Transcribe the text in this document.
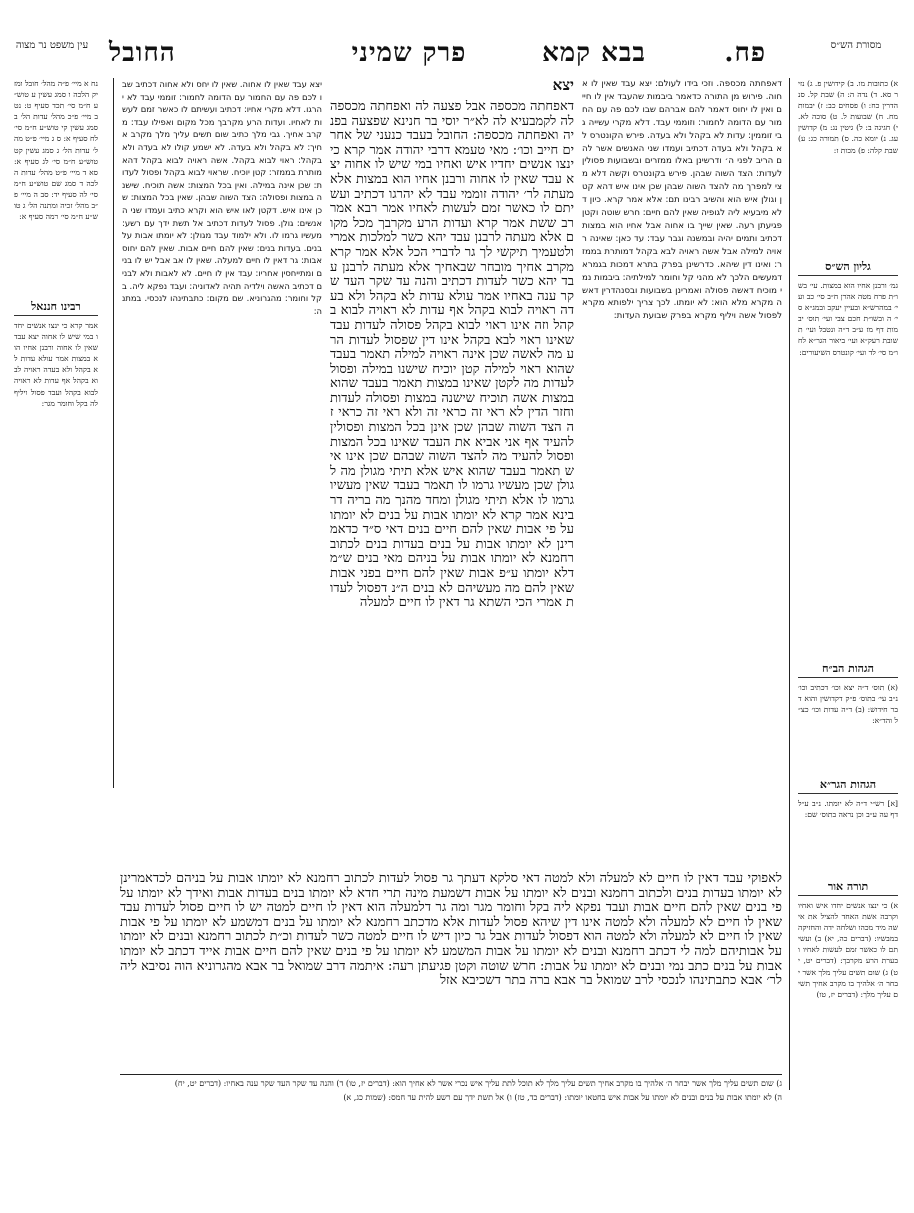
מסורת הש״ס
החובל	פרק שמיני	בבא קמא	פח.
עין משפט נר מצוה
א) כתובות מו. ב) קידושין פ. ג) נזיר סא. ד) נדה ה: ה) שבת קל. סנהדרין כח: ו) פסחים כב: ז) יבמות מח. ח) שבועות ל. ט) סוכה לא. י) חגיגה ב: ל) גיטין נג: מ) קדושין עג. נ) יומא כה. ס) תמורה כג: ע) שבת קלה: פ) מכות ז:
גליון הש״ס
גמ׳ ורבנן אחיו הוא במצות. עי׳ בשו״ת פרח מטה אהרן ח״ב סי׳ כב ועי׳ במהרש״א ובעיין יעקב ובמג״א סי׳ ה ובשו״ת חכם צבי ועי׳ תוס׳ יבמות דף מז ע״ב ד״ה ונטבל ועי׳ תשובת רעק״א ועי׳ ביאור הגר״א לחו״מ סי׳ לד ועי׳ קונטרס השיעורים:
הגהות הב״ח
(א) תוס׳ ד״ה יצא וכו׳ דכתיב וכו׳ נ״ב עי׳ בתוס׳ פ״ק דקדושין והוא דבר חידוש: (ב) ד״ה עדות וכו׳ כצ״ל והד״א:
הגהות הגר״א
[א] רש״י ד״ה לא יומתו. נ״ב ע״ל דף עה ע״ב וכן נראה בתוס׳ שם:
תורה אור
א) כי ינצו אנשים יחדו איש ואחיו וקרבה אשת האחד להציל את אישה מיד מכהו ושלחה ידה והחזיקה במבשיו: (דברים כה, יא) ב) ועשיתם לו כאשר זמם לעשות לאחיו ובערת הרע מקרבך: (דברים יט, יט) ג) שום תשים עליך מלך אשר יבחר ה׳ אלהיך בו מקרב אחיך תשים עליך מלך: (דברים יז, טו)
דאפחתה מכספה. וזכי בידו לעולם: יצא עבד שאין לו אחוה. פירוש מן התורה כדאמר ביבמות שהעבד אין לו חיים ואין לו יחוס דאמר להם אברהם שבו לכם פה עם החמור עם הדומה לחמור: וזוממי עבד. דלא מקרי עשייה גבי זוממין: עדות לא בקהל ולא בעדה. פירש הקונטרס לא בקהל ולא בעדה דכתיב ועמדו שני האנשים אשר להם הריב לפני ה׳ ודרשינן באלו ממזרים ובשבועות פסולין לעדות: הצד השוה שבהן. פירש בקונטרס וקשה דלא מצי למפרך מה להצד השוה שבהן שכן אינו איש דהא קטן וגולן איש הוא והשיב רבינו תם: אלא אמר קרא. כיון דלא מיבעיא ליה לגופיה שאין להם חיים: חרש שוטה וקטן פגיעתן רעה. שאין שייך בו אחוה אבל אחיו הוא במצות דכתיב ותמים יהיה ובמשנה וגבר עבד: עד כאן: שאינה ראויה למילה אבל אשה ראויה לבא בקהל דמותרת בממזר: ואינו דין שיהא. כדרשינן בפרק בתרא דמכות בגמרא דמעשים הלכך לא מהני קל וחומר למילתיה: ביבמות נמי מוכיח דאשה פסולה ואמרינן בשבועות ובסנהדרין דאשה מקרא מלא הוא: לא יומתו. לכך צריך ילפותא מקרא לפסול אשה ויליף מקרא בפרק שבועת העדות:
יצא
דאפחתה מכספה אבל פצעה לה ואפחתה מכספה לה לקמבעיא לה לא״ר יוסי בר חנינא שפצעה בפניה ואפחתה מכספה: החובל בעבד כנעני של אחרים חייב וכו׳: מאי טעמא דרבי יהודה אמר קרא כי ינצו אנשים יחדיו איש ואחיו במי שיש לו אחוה יצא עבד שאין לו אחוה ורבנן אחיו הוא במצות אלא מעתה לר׳ יהודה זוממי עבד לא יהרגו דכתיב ועשיתם לו כאשר זמם לעשות לאחיו אמר רבא אמר רב ששת אמר קרא ועדות הרע מקרבך מכל מקום אלא מעתה לרבנן עבד יהא כשר למלכות אמרי ולטעמיך תיקשי לך גר לדברי הכל אלא אמר קרא מקרב אחיך מובחר שבאחיך אלא מעתה לרבנן עבד יהא כשר לעדות דכתיב והנה עד שקר העד שקר ענה באחיו אמר עולא עדות לא בקהל ולא בעדה ראויה לבוא בקהל אף עדות לא ראויה לבוא בקהל וזה אינו ראוי לבוא בקהל פסולה לעדות עבד שאינו ראוי לבא בקהל אינו דין שפסול לעדות הרע מה לאשה שכן אינה ראויה למילה תאמר בעבד שהוא ראוי למילה קטן יוכיח שישנו במילה ופסול לעדות מה לקטן שאינו במצות תאמר בעבד שהוא במצות אשה תוכיח שישנה במצות ופסולה לעדות וחזר הדין לא ראי זה כראי זה ולא ראי זה כראי זה הצד השוה שבהן שכן אינן בכל המצות ופסולין להעיד אף אני אביא את העבד שאינו בכל המצות ופסול להעיד מה להצד השוה שבהם שכן אינו איש תאמר בעבד שהוא איש אלא תיתי מגולן מה לגולן שכן מעשיו גרמו לו תאמר בעבד שאין מעשיו גרמו לו אלא תיתי מגולן ומחד מהנך מה בריה דרבינא אמר קרא לא יומתו אבות על בנים לא יומתו על פי אבות שאין להם חיים בנים דאי ס״ד כדאמרינן לא יומתו אבות על בנים בעדות בנים לכתוב רחמנא לא יומתו אבות על בניהם מאי בנים ש״מ דלא יומתו ע״פ אבות שאין להם חיים בפני אבות שאין להם מה מעשיהם לא בנים ה״נ דפסול לעדות אמרי הכי השתא גר דאין לו חיים למעלה
יצא עבד שאין לו אחוה. שאין לו יחס ולא אחוה דכתיב שבו לכם פה עם החמור עם הדומה לחמור: זוממי עבד לא יהרגו. דלא מקרי אחיו: דכתיב ועשיתם לו כאשר זמם לעשות לאחיו. ועדות הרע מקרבך מכל מקום ואפילו עבד: מקרב אחיך. גבי מלך כתיב שום תשים עליך מלך מקרב אחיך: לא בקהל ולא בעדה. לא ישמע קולו לא בעדה ולא בקהל: ראוי לבוא בקהל. אשה ראויה לבוא בקהל דהא מותרת בממזר: קטן יוכיח. שראוי לבוא בקהל ופסול לעדות: שכן אינה במילה. ואין בכל המצות: אשה תוכיח. שישנה במצות ופסולה: הצד השוה שבהן. שאין בכל המצות: שכן אינו איש. דקטן לאו איש הוא וקרא כתיב ועמדו שני האנשים: גולן. פסול לעדות דכתיב אל תשת ידך עם רשע: מעשיו גרמו לו. ולא ילמוד עבד מגולן: לא יומתו אבות על בנים. בעדות בנים: שאין להם חיים אבות. שאין להם יחוס אבות: גר דאין לו חיים למעלה. שאין לו אב אבל יש לו בנים ומתייחסין אחריו: עבד אין לו חיים. לא לאבות ולא לבנים דכתיב האשה וילדיה תהיה לאדוניה: ועבד נפקא ליה. בקל וחומר: מהגרוניא. שם מקום: כתבתינהו לנכסי. במתנה:
נח א מיי׳ פ״ה מהל׳ חובל ומזיק הלכה ו סמג עשין ע טוש״ע ח״מ סי׳ תכד סעיף ט: נט ב מיי׳ פ״כ מהל׳ עדות הל׳ ב סמג עשין קי טוש״ע ח״מ סי׳ לח סעיף א: ס ג מיי׳ פ״ט מהל׳ עדות הל׳ ג סמג עשין קט טוש״ע ח״מ סי׳ לג סעיף א: סא ד מיי׳ פ״ט מהל׳ עדות הלכה ד סמג שם טוש״ע ח״מ סי׳ לה סעיף יד: סב ה מיי׳ פ״ב מהל׳ זכיה ומתנה הל׳ ג טוש״ע ח״מ סי׳ רמה סעיף א:
רבינו חננאל
אמר קרא כי ינצו אנשים יחדו במי שיש לו אחוה יצא עבד שאין לו אחוה ורבנן אחיו הוא במצות אמר עולא עדות לא בקהל ולא בעדה ראויה לבוא בקהל אף עדות לא ראויה לבוא בקהל ועבד פסול ויליף לה בקל וחומר מגר:
לאפוקי עבד דאין לו חיים לא למעלה ולא למטה דאי סלקא דעתך גר פסול לעדות לכתוב רחמנא לא יומתו אבות על בניהם לכדאמרינן לא יומתו בעדות בנים ולכתוב רחמנא ובנים לא יומתו על אבות דשמעת מינה תרי חדא לא יומתו בנים בעדות אבות ואידך לא יומתו על פי בנים שאין להם חיים אבות ועבד נפקא ליה בקל וחומר מגר ומה גר דלמעלה הוא דאין לו חיים למטה יש לו חיים פסול לעדות עבד שאין לו חיים לא למעלה ולא למטה אינו דין שיהא פסול לעדות אלא מדכתב רחמנא לא יומתו על בנים דמשמע לא יומתו על פי אבות שאין לו חיים לא למעלה ולא למטה הוא דפסול לעדות אבל גר כיון דיש לו חיים למטה כשר לעדות וכ״ת לכתוב רחמנא ובנים לא יומתו על אבותיהם למה לי דכתב רחמנא ובנים לא יומתו על אבות המשמע לא יומתו על פי בנים שאין להם חיים אבות אייד דכתב לא יומתו אבות על בנים כתב נמי ובנים לא יומתו על אבות: חרש שוטה וקטן פגיעתן רעה: איתמה דרב שמואל בר אבא מהגרוניא הוה נסיבא ליה לר׳ אבא כתבתינהו לנכסי לרב שמואל בר אבא ברה בתר דשכיבא אזל
ג) שום תשים עליך מלך אשר יבחר ה׳ אלהיך בו מקרב אחיך תשים עליך מלך לא תוכל לתת עליך איש נכרי אשר לא אחיך הוא: (דברים יז, טו) ד) והנה עד שקר העד שקר ענה באחיו: (דברים יט, יח)
ה) לא יומתו אבות על בנים ובנים לא יומתו על אבות איש בחטאו יומתו: (דברים כד, טז) ו) אל תשת ידך עם רשע להית עד חמס: (שמות כג, א)
